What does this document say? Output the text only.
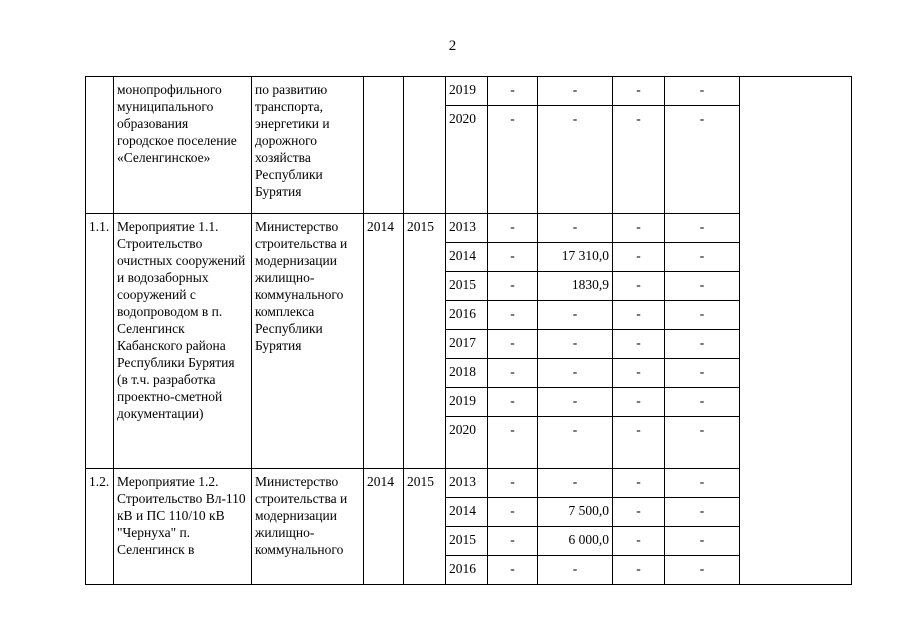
2
	монопрофильного муниципального образования городское поселение «Селенгинское»	по развитию транспорта, энергетики и дорожного хозяйства Республики Бурятия			2019	-	-	-	-	
					2020	-	-	-	-	
1.1.	Мероприятие 1.1. Строительство очистных сооружений и водозаборных сооружений с водопроводом в п. Селенгинск Кабанского района Республики Бурятия (в т.ч. разработка проектно-сметной документации)	Министерство строительства и модернизации жилищно-коммунального комплекса Республики Бурятия	2014	2015	2013	-	-	-	-	
					2014	-	17 310,0	-	-	
					2015	-	1830,9	-	-	
					2016	-	-	-	-	
					2017	-	-	-	-	
					2018	-	-	-	-	
					2019	-	-	-	-	
					2020	-	-	-	-	
1.2.	Мероприятие 1.2. Строительство Вл-110 кВ и ПС 110/10 кВ "Чернуха" п. Селенгинск в	Министерство строительства и модернизации жилищно-коммунального	2014	2015	2013	-	-	-	-	
					2014	-	7 500,0	-	-	
					2015	-	6 000,0	-	-	
					2016	-	-	-	-	
